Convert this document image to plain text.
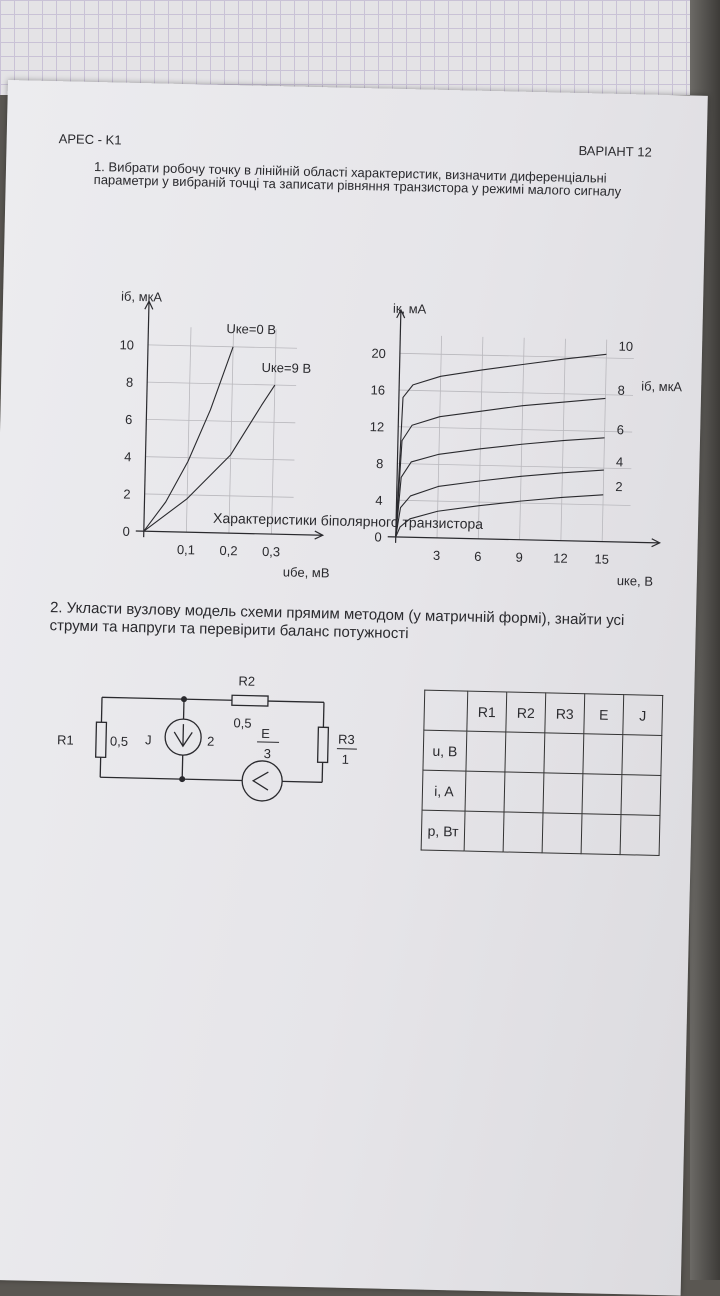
APEC - K1
ВАРІАНТ 12
1. Вибрати робочу точку в лінійній області характеристик, визначити диференціальні параметри у вибраній точці та записати рівняння транзистора у режимі малого сигналу
0,1 0,2 0,3
0
2
4
6
8
10
iб, мкА
uбе, мВ
Uке=0 В
Uке=9 В
3	6	9 12 15
0
4
8
12
16
20
2
4
6
8
10
iк, мА
uке, В
iб, мкА
Характеристики біполярного транзистора
2. Укласти вузлову модель схеми прямим методом (у матричній формі), знайти усі струми та напруги та перевірити баланс потужності
R1	0,5 J	2
R2
0,5
E
3
R3
1
	R1	R2	R3	E	J
u, B					
i, A					
p, Вт					
